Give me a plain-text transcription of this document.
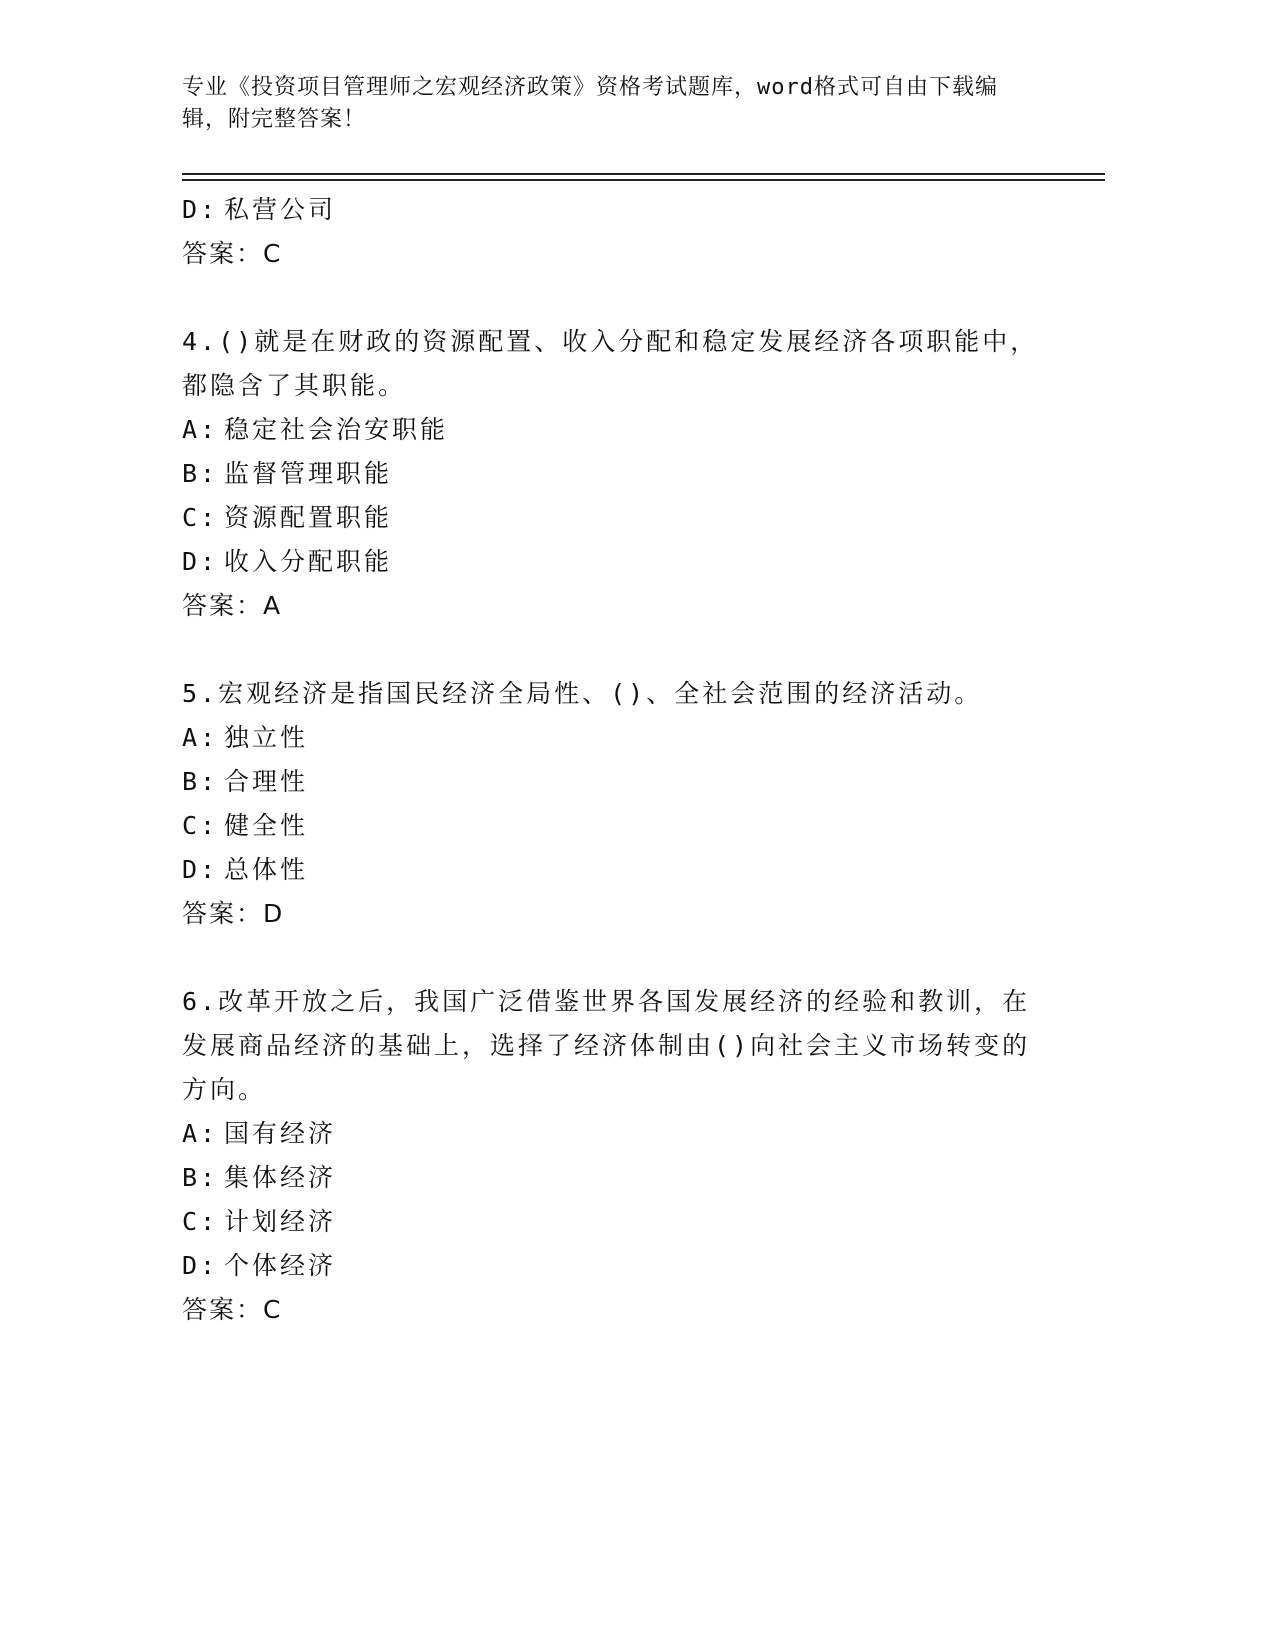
专业《投资项目管理师之宏观经济政策》资格考试题库，word格式可自由下载编
辑，附完整答案！
D: 私营公司
答案：C
4.()就是在财政的资源配置、收入分配和稳定发展经济各项职能中，
都隐含了其职能。
A: 稳定社会治安职能
B: 监督管理职能
C: 资源配置职能
D: 收入分配职能
答案：A
5.宏观经济是指国民经济全局性、()、全社会范围的经济活动。
A: 独立性
B: 合理性
C: 健全性
D: 总体性
答案：D
6.改革开放之后，我国广泛借鉴世界各国发展经济的经验和教训，在
发展商品经济的基础上，选择了经济体制由()向社会主义市场转变的
方向。
A: 国有经济
B: 集体经济
C: 计划经济
D: 个体经济
答案：C
